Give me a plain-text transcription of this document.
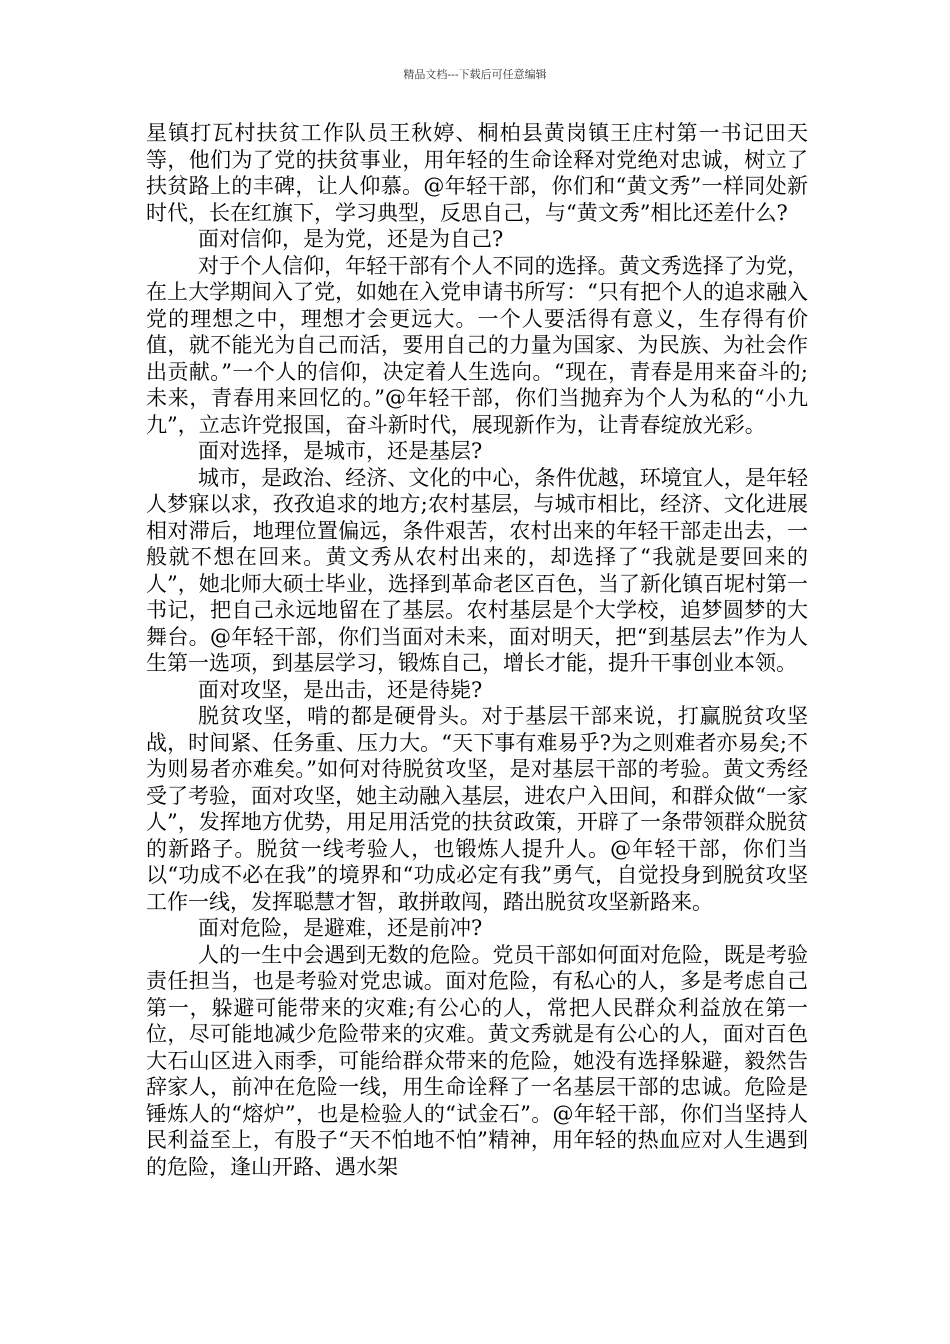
精品文档---下载后可任意编辑

星镇打瓦村扶贫工作队员王秋婷、桐柏县黄岗镇王庄村第一书记田天等，他们为了党的扶贫事业，用年轻的生命诠释对党绝对忠诚，树立了扶贫路上的丰碑，让人仰慕。@年轻干部，你们和“黄文秀”一样同处新时代，长在红旗下，学习典型，反思自己，与“黄文秀”相比还差什么?

面对信仰，是为党，还是为自己?

对于个人信仰，年轻干部有个人不同的选择。黄文秀选择了为党，在上大学期间入了党，如她在入党申请书所写：“只有把个人的追求融入党的理想之中，理想才会更远大。一个人要活得有意义，生存得有价值，就不能光为自己而活，要用自己的力量为国家、为民族、为社会作出贡献。”一个人的信仰，决定着人生选向。“现在，青春是用来奋斗的;未来，青春用来回忆的。”@年轻干部，你们当抛弃为个人为私的“小九九”，立志许党报国，奋斗新时代，展现新作为，让青春绽放光彩。

面对选择，是城市，还是基层?

城市，是政治、经济、文化的中心，条件优越，环境宜人，是年轻人梦寐以求，孜孜追求的地方;农村基层，与城市相比，经济、文化进展相对滞后，地理位置偏远，条件艰苦，农村出来的年轻干部走出去，一般就不想在回来。黄文秀从农村出来的，却选择了“我就是要回来的人”，她北师大硕士毕业，选择到革命老区百色，当了新化镇百坭村第一书记，把自己永远地留在了基层。农村基层是个大学校，追梦圆梦的大舞台。@年轻干部，你们当面对未来，面对明天，把“到基层去”作为人生第一选项，到基层学习，锻炼自己，增长才能，提升干事创业本领。

面对攻坚，是出击，还是待毙?

脱贫攻坚，啃的都是硬骨头。对于基层干部来说，打赢脱贫攻坚战，时间紧、任务重、压力大。“天下事有难易乎?为之则难者亦易矣;不为则易者亦难矣。”如何对待脱贫攻坚，是对基层干部的考验。黄文秀经受了考验，面对攻坚，她主动融入基层，进农户入田间，和群众做“一家人”，发挥地方优势，用足用活党的扶贫政策，开辟了一条带领群众脱贫的新路子。脱贫一线考验人，也锻炼人提升人。@年轻干部，你们当以“功成不必在我”的境界和“功成必定有我”勇气，自觉投身到脱贫攻坚工作一线，发挥聪慧才智，敢拼敢闯，踏出脱贫攻坚新路来。

面对危险，是避难，还是前冲?

人的一生中会遇到无数的危险。党员干部如何面对危险，既是考验责任担当，也是考验对党忠诚。面对危险，有私心的人，多是考虑自己第一，躲避可能带来的灾难;有公心的人，常把人民群众利益放在第一位，尽可能地减少危险带来的灾难。黄文秀就是有公心的人，面对百色大石山区进入雨季，可能给群众带来的危险，她没有选择躲避，毅然告辞家人，前冲在危险一线，用生命诠释了一名基层干部的忠诚。危险是锤炼人的“熔炉”，也是检验人的“试金石”。@年轻干部，你们当坚持人民利益至上，有股子“天不怕地不怕”精神，用年轻的热血应对人生遇到的危险，逢山开路、遇水架
